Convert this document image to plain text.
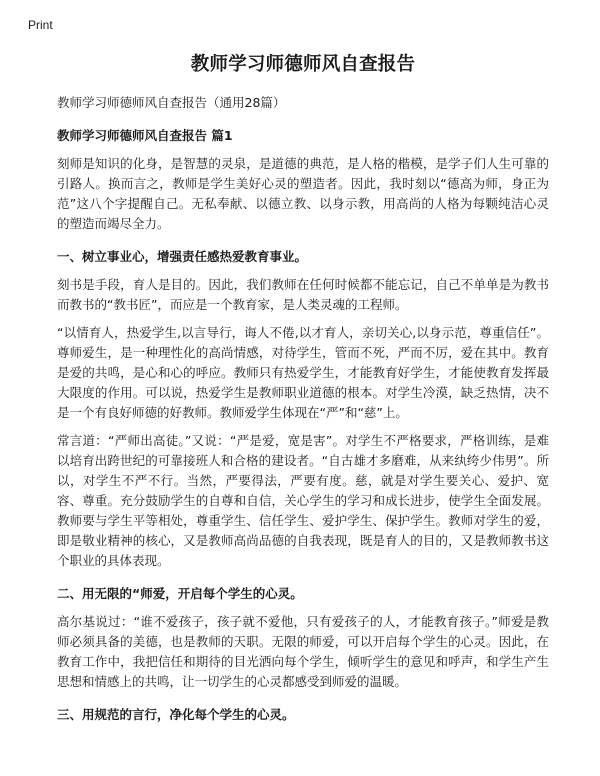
Print
教师学习师德师风自查报告

教师学习师德师风自查报告（通用28篇）

教师学习师德师风自查报告 篇1

刻师是知识的化身，是智慧的灵泉，是道德的典范，是人格的楷模，是学子们人生可靠的引路人。换而言之，教师是学生美好心灵的塑造者。因此，我时刻以“德高为师，身正为范”这八个字提醒自己。无私奉献、以德立教、以身示教，用高尚的人格为每颗纯洁心灵的塑造而竭尽全力。

一、树立事业心，增强责任感热爱教育事业。

刻书是手段，育人是目的。因此，我们教师在任何时候都不能忘记，自己不单单是为教书而教书的“教书匠”，而应是一个教育家，是人类灵魂的工程师。

“以情育人，热爱学生,以言导行，诲人不倦,以才育人，亲切关心,以身示范，尊重信任”。尊师爱生，是一种理性化的高尚情感，对待学生，管而不死，严而不厉，爱在其中。教育是爱的共鸣，是心和心的呼应。教师只有热爱学生，才能教育好学生，才能使教育发挥最大限度的作用。可以说，热爱学生是教师职业道德的根本。对学生冷漠，缺乏热情，决不是一个有良好师德的好教师。教师爱学生体现在“严”和“慈”上。

常言道：“严师出高徒。”又说：“严是爱，宽是害”。对学生不严格要求，严格训练，是难以培育出跨世纪的可靠接班人和合格的建设者。“自古雄才多磨难，从来纨绔少伟男”。所以，对学生不严不行。当然，严要得法，严要有度。慈，就是对学生要关心、爱护、宽容、尊重。充分鼓励学生的自尊和自信，关心学生的学习和成长进步，使学生全面发展。教师要与学生平等相处，尊重学生、信任学生、爱护学生、保护学生。教师对学生的爱，即是敬业精神的核心，又是教师高尚品德的自我表现，既是育人的目的，又是教师教书这个职业的具体表现。

二、用无限的“师爱，开启每个学生的心灵。

高尔基说过：“谁不爱孩子，孩子就不爱他，只有爱孩子的人，才能教育孩子。”师爱是教师必须具备的美德，也是教师的天职。无限的师爱，可以开启每个学生的心灵。因此，在教育工作中，我把信任和期待的目光洒向每个学生，倾听学生的意见和呼声，和学生产生思想和情感上的共鸣，让一切学生的心灵都感受到师爱的温暖。

三、用规范的言行，净化每个学生的心灵。
